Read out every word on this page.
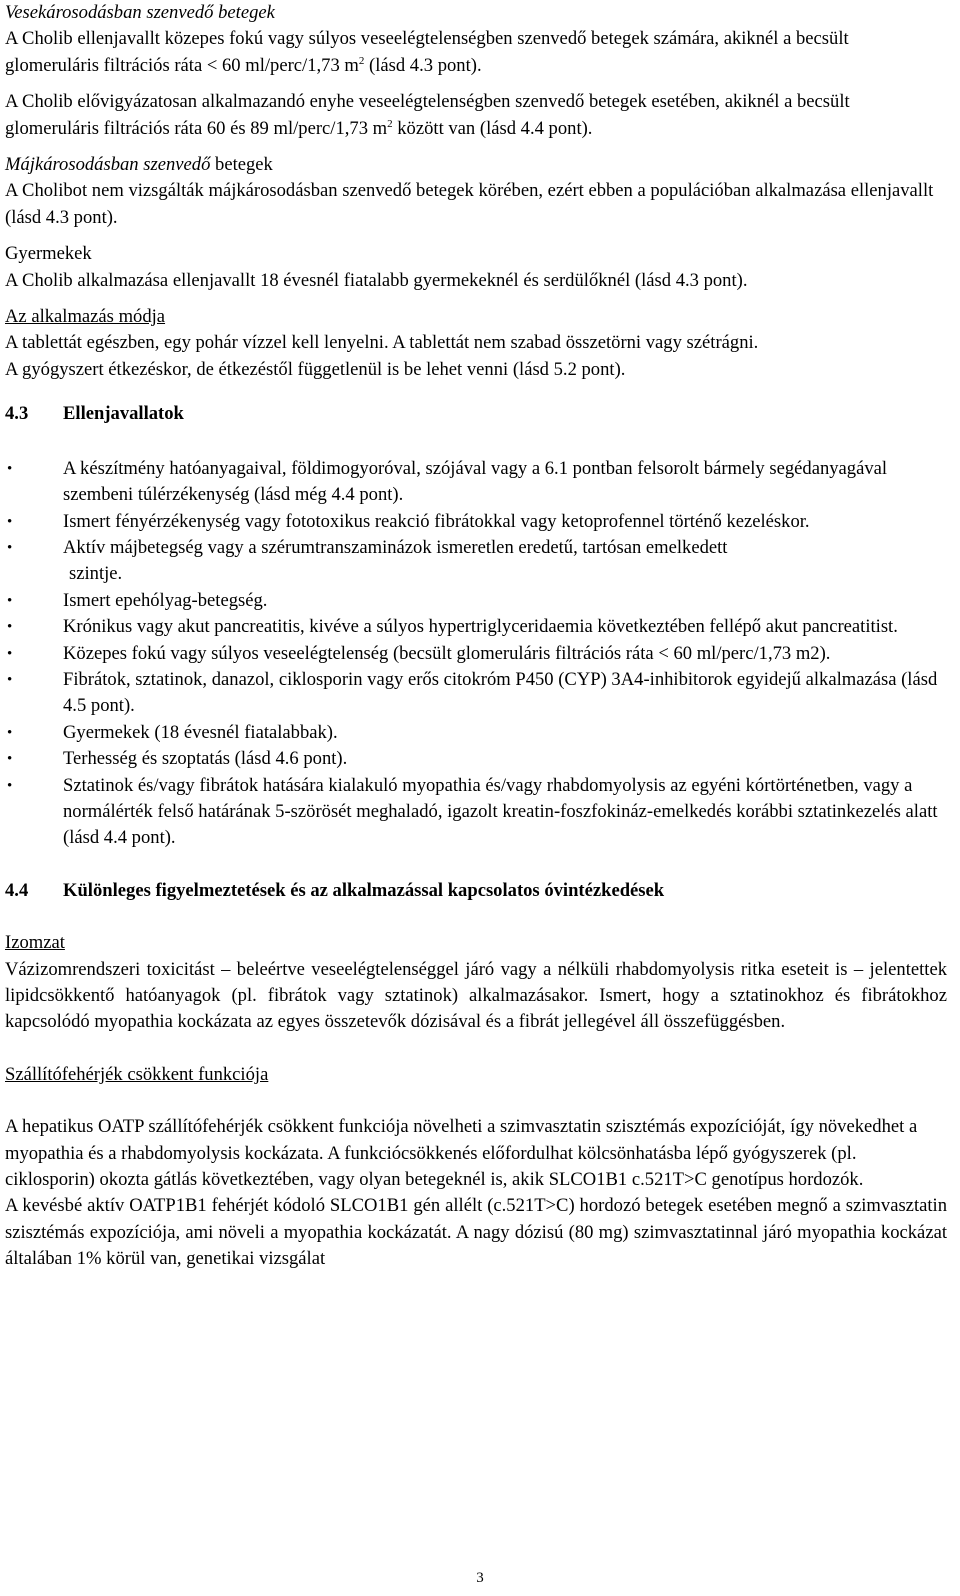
Vesekárosodásban szenvedő betegek

A Cholib ellenjavallt közepes fokú vagy súlyos veseelégtelenségben szenvedő betegek számára, akiknél a becsült glomeruláris filtrációs ráta < 60 ml/perc/1,73 $m^2$ (lásd 4.3 pont).

A Cholib elővigyázatosan alkalmazandó enyhe veseelégtelenségben szenvedő betegek esetében, akiknél a becsült glomeruláris filtrációs ráta 60 és 89 ml/perc/1,73 $m^2$ között van (lásd 4.4 pont).

Májkárosodásban szenvedő betegek

A Cholibot nem vizsgálták májkárosodásban szenvedő betegek körében, ezért ebben a populációban alkalmazása ellenjavallt (lásd 4.3 pont).

Gyermekek

A Cholib alkalmazása ellenjavallt 18 évesnél fiatalabb gyermekeknél és serdülőknél (lásd 4.3 pont).

Az alkalmazás módja

A tablettát egészben, egy pohár vízzel kell lenyelni. A tablettát nem szabad összetörni vagy szétrágni.

A gyógyszert étkezéskor, de étkezéstől függetlenül is be lehet venni (lásd 5.2 pont).

4.3	Ellenjavallatok
•	A készítmény hatóanyagaival, földimogyoróval, szójával vagy a 6.1 pontban felsorolt bármely segédanyagával szembeni túlérzékenység (lásd még 4.4 pont).
•	Ismert fényérzékenység vagy fototoxikus reakció fibrátokkal vagy ketoprofennel történő kezeléskor.
•	Aktív májbetegség vagy a szérumtranszaminázok ismeretlen eredetű, tartósan emelkedett
szintje.
•	Ismert epehólyag-betegség.
•	Krónikus vagy akut pancreatitis, kivéve a súlyos hypertriglyceridaemia következtében fellépő akut pancreatitist.
•	Közepes fokú vagy súlyos veseelégtelenség (becsült glomeruláris filtrációs ráta < 60 ml/perc/1,73 m2).
•	Fibrátok, sztatinok, danazol, ciklosporin vagy erős citokróm P450 (CYP) 3A4-inhibitorok egyidejű alkalmazása (lásd 4.5 pont).
•	Gyermekek (18 évesnél fiatalabbak).
•	Terhesség és szoptatás (lásd 4.6 pont).
•	Sztatinok és/vagy fibrátok hatására kialakuló myopathia és/vagy rhabdomyolysis az egyéni kórtörténetben, vagy a normálérték felső határának 5-szörösét meghaladó, igazolt kreatin-foszfokináz-emelkedés korábbi sztatinkezelés alatt (lásd 4.4 pont).
4.4	Különleges figyelmeztetések és az alkalmazással kapcsolatos óvintézkedések

Izomzat

Vázizomrendszeri toxicitást – beleértve veseelégtelenséggel járó vagy a nélküli rhabdomyolysis ritka eseteit is – jelentettek lipidcsökkentő hatóanyagok (pl. fibrátok vagy sztatinok) alkalmazásakor. Ismert, hogy a sztatinokhoz és fibrátokhoz kapcsolódó myopathia kockázata az egyes összetevők dózisával és a fibrát jellegével áll összefüggésben.

Szállítófehérjék csökkent funkciója

A hepatikus OATP szállítófehérjék csökkent funkciója növelheti a szimvasztatin szisztémás expozícióját, így növekedhet a myopathia és a rhabdomyolysis kockázata. A funkciócsökkenés előfordulhat kölcsönhatásba lépő gyógyszerek (pl. ciklosporin) okozta gátlás következtében, vagy olyan betegeknél is, akik SLCO1B1 c.521T>C genotípus hordozók.

A kevésbé aktív OATP1B1 fehérjét kódoló SLCO1B1 gén allélt (c.521T>C) hordozó betegek esetében megnő a szimvasztatin szisztémás expozíciója, ami növeli a myopathia kockázatát. A nagy dózisú (80 mg) szimvasztatinnal járó myopathia kockázat általában 1% körül van, genetikai vizsgálat

3
